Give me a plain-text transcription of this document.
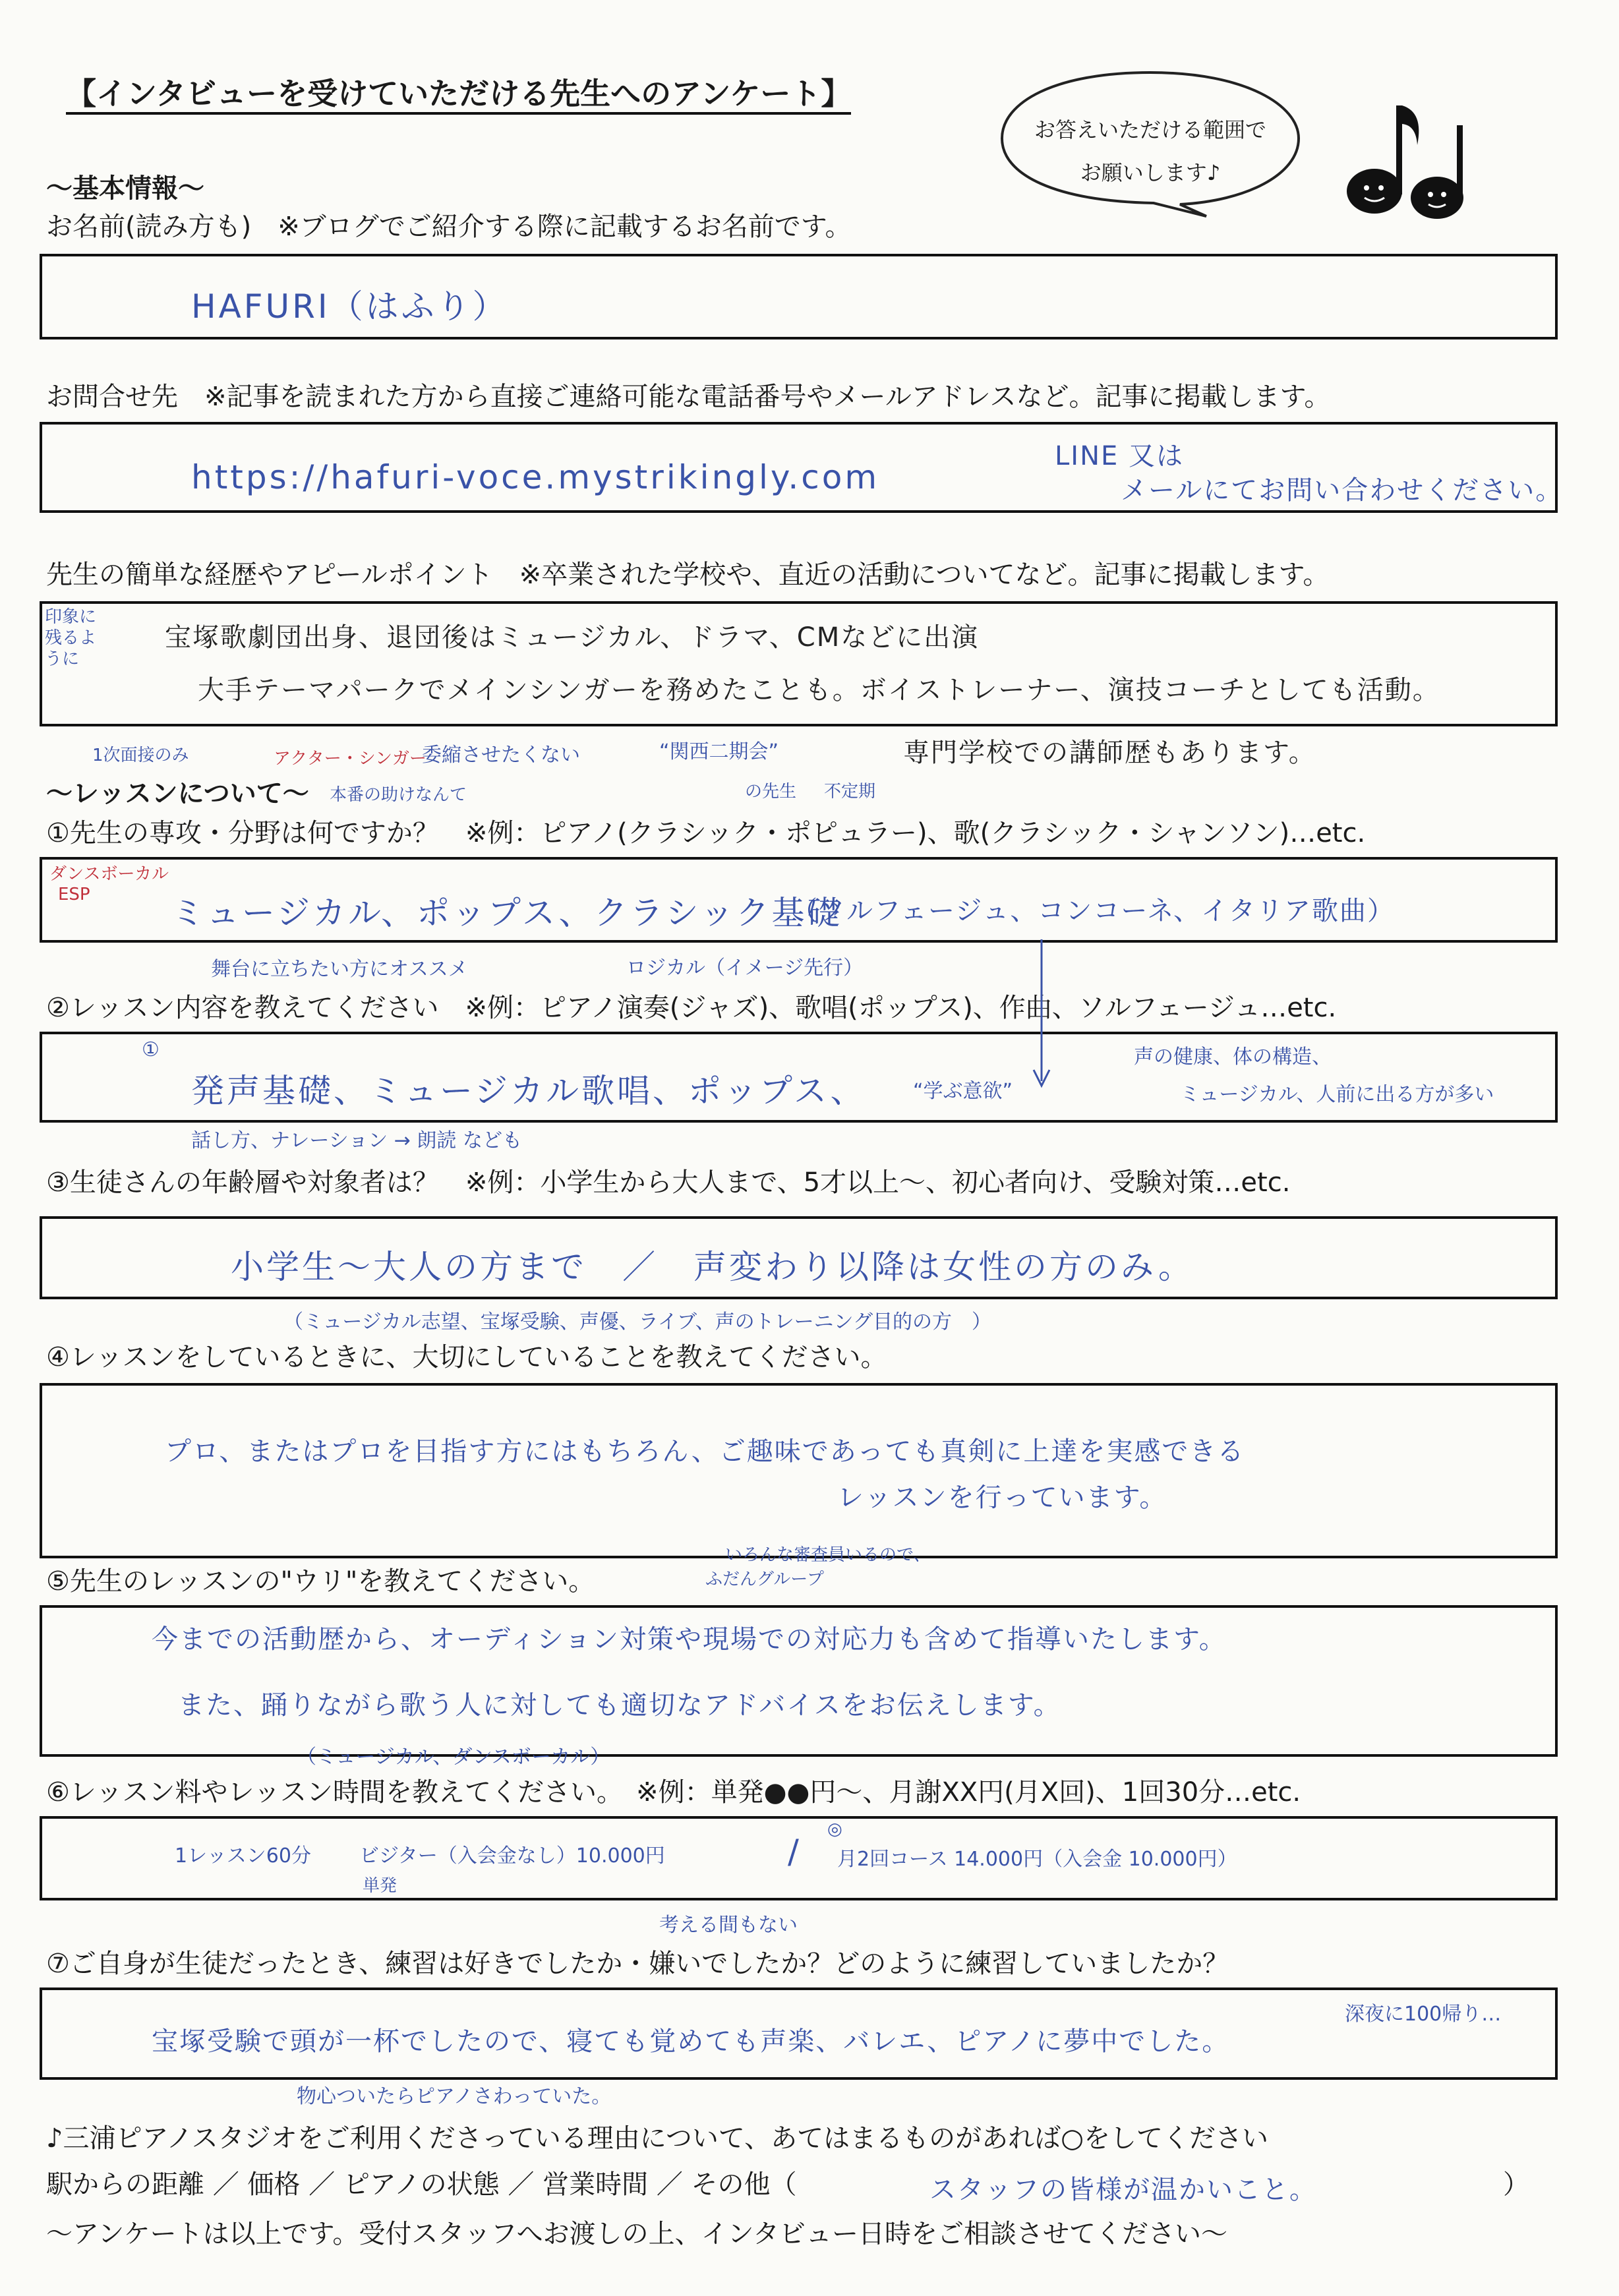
【インタビューを受けていただける先生へのアンケート】
お答えいただける範囲で
お願いします♪
〜基本情報〜
お名前(読み方も)　※ブログでご紹介する際に記載するお名前です。
HAFURI（はふり）
お問合せ先　※記事を読まれた方から直接ご連絡可能な電話番号やメールアドレスなど。記事に掲載します。
https://hafuri-voce.mystrikingly.com
LINE 又は
メールにてお問い合わせください。
先生の簡単な経歴やアピールポイント　※卒業された学校や、直近の活動についてなど。記事に掲載します。
印象に残るように
宝塚歌劇団出身、退団後はミュージカル、ドラマ、CMなどに出演
大手テーマパークでメインシンガーを務めたことも。ボイストレーナー、演技コーチとしても活動。
1次面接のみ	アクター・シンガー
委縮させたくない	“関西二期会”	専門学校での講師歴もあります。
本番の助けなんて	の先生 不定期
〜レッスンについて〜
①先生の専攻・分野は何ですか？　※例：ピアノ(クラシック・ポピュラー)、歌(クラシック・シャンソン)…etc.
ダンスボーカル
ESP ミュージカル、ポップス、クラシック基礎
（ソルフェージュ、コンコーネ、イタリア歌曲）
舞台に立ちたい方にオススメ	ロジカル（イメージ先行）
②レッスン内容を教えてください　※例：ピアノ演奏(ジャズ)、歌唱(ポップス)、作曲、ソルフェージュ…etc.
①
発声基礎、ミュージカル歌唱、ポップス、 “学ぶ意欲”
声の健康、体の構造、
ミュージカル、人前に出る方が多い
話し方、ナレーション → 朗読 なども
③生徒さんの年齢層や対象者は？　※例：小学生から大人まで、5才以上〜、初心者向け、受験対策…etc.
小学生〜大人の方まで　／　声変わり以降は女性の方のみ。
（ミュージカル志望、宝塚受験、声優、ライブ、声のトレーニング目的の方　）
④レッスンをしているときに、大切にしていることを教えてください。
プロ、またはプロを目指す方にはもちろん、ご趣味であっても真剣に上達を実感できる
レッスンを行っています。
いろんな審査員いるので、
ふだんグループ
⑤先生のレッスンの"ウリ"を教えてください。
今までの活動歴から、オーディション対策や現場での対応力も含めて指導いたします。
また、踊りながら歌う人に対しても適切なアドバイスをお伝えします。
（ミュージカル、ダンスボーカル）
⑥レッスン料やレッスン時間を教えてください。　※例：単発●●円〜、月謝XX円(月X回)、1回30分…etc.
1レッスン60分 ビジター（入会金なし）10.000円	/ 月2回コース 14.000円（入会金 10.000円）
単発
◎
考える間もない
⑦ご自身が生徒だったとき、練習は好きでしたか・嫌いでしたか？どのように練習していましたか？
深夜に100帰り…
宝塚受験で頭が一杯でしたので、寝ても覚めても声楽、バレエ、ピアノに夢中でした。
物心ついたらピアノさわっていた。
♪三浦ピアノスタジオをご利用くださっている理由について、あてはまるものがあれば○をしてください
駅からの距離 ／ 価格 ／ ピアノの状態 ／ 営業時間 ／ その他（	スタッフの皆様が温かいこと。	）
〜アンケートは以上です。受付スタッフへお渡しの上、インタビュー日時をご相談させてください〜
